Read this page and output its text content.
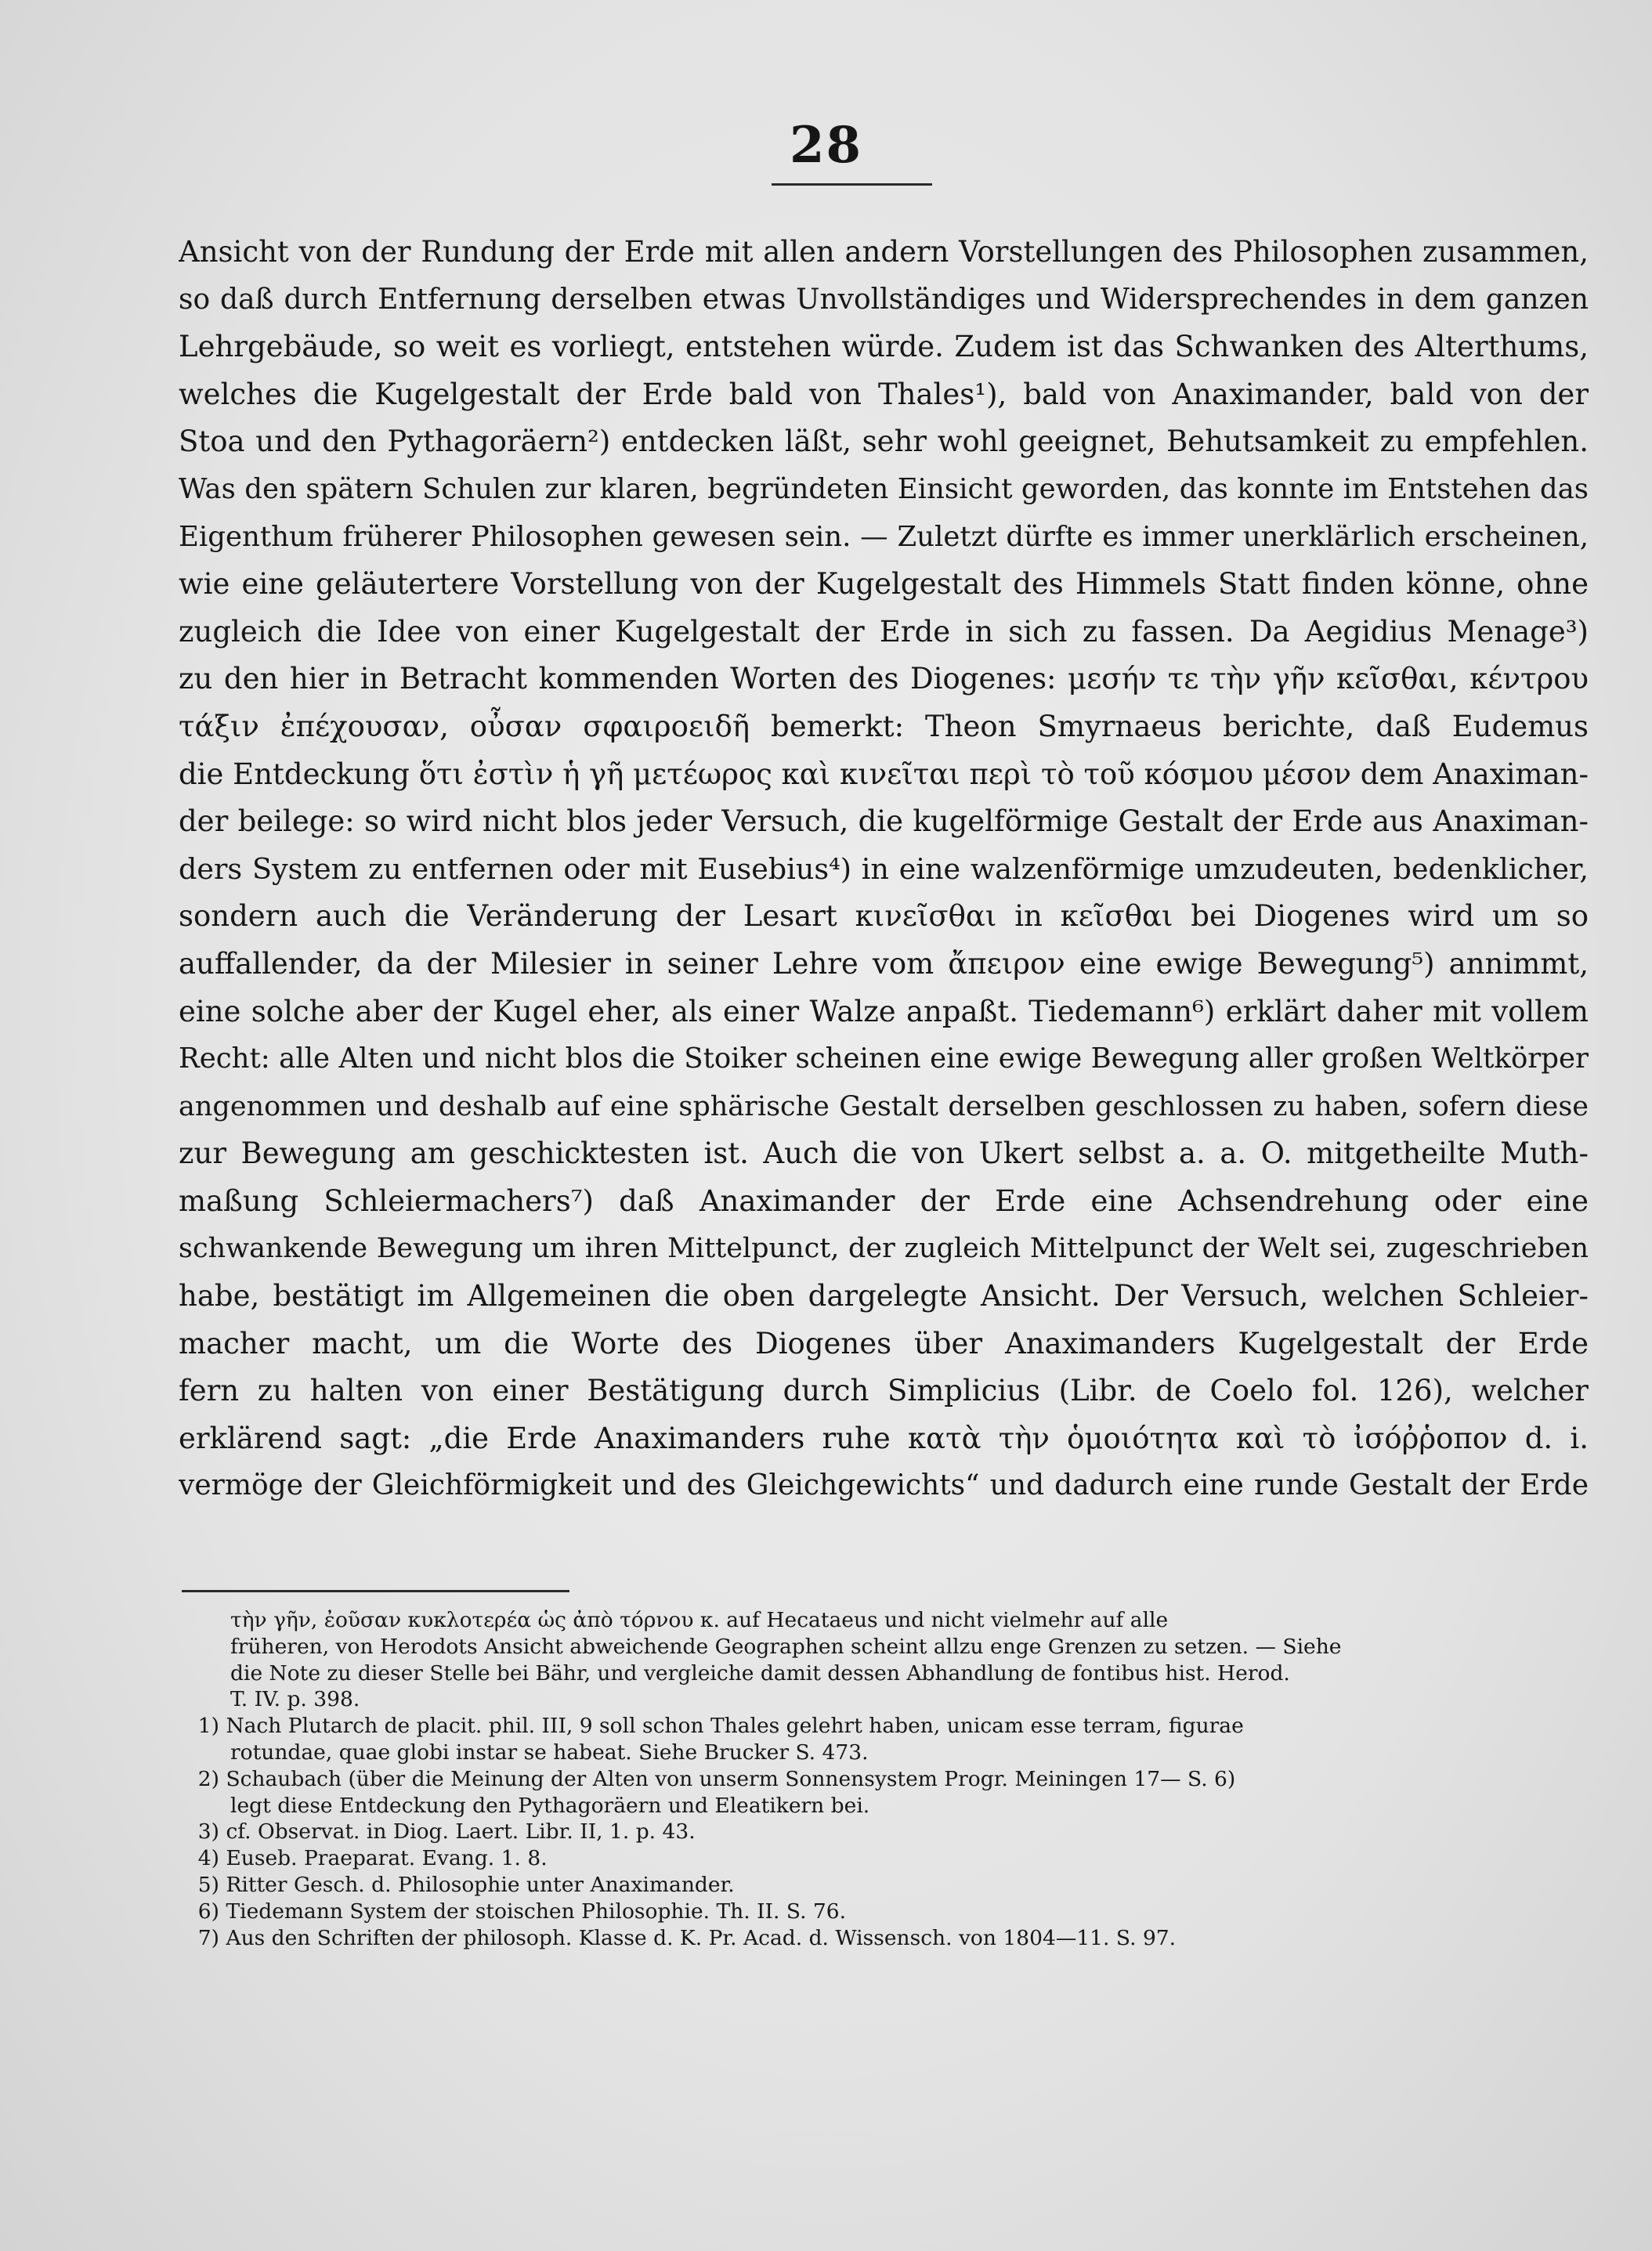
28
Ansicht von der Rundung der Erde mit allen andern Vorstellungen des Philosophen zusammen,
so daß durch Entfernung derselben etwas Unvollständiges und Widersprechendes in dem ganzen
Lehrgebäude, so weit es vorliegt, entstehen würde. Zudem ist das Schwanken des Alterthums,
welches die Kugelgestalt der Erde bald von Thales¹), bald von Anaximander, bald von der
Stoa und den Pythagoräern²) entdecken läßt, sehr wohl geeignet, Behutsamkeit zu empfehlen.
Was den spätern Schulen zur klaren, begründeten Einsicht geworden, das konnte im Entstehen das
Eigenthum früherer Philosophen gewesen sein. — Zuletzt dürfte es immer unerklärlich erscheinen,
wie eine geläutertere Vorstellung von der Kugelgestalt des Himmels Statt finden könne, ohne
zugleich die Idee von einer Kugelgestalt der Erde in sich zu fassen. Da Aegidius Menage³)
zu den hier in Betracht kommenden Worten des Diogenes: μεσήν τε τὴν γῆν κεῖσθαι, κέντρου
τάξιν ἐπέχουσαν, οὖσαν σφαιροειδῆ bemerkt: Theon Smyrnaeus berichte, daß Eudemus
die Entdeckung ὅτι ἐστὶν ἡ γῆ μετέωρος καὶ κινεῖται περὶ τὸ τοῦ κόσμου μέσον dem Anaximan-
der beilege: so wird nicht blos jeder Versuch, die kugelförmige Gestalt der Erde aus Anaximan-
ders System zu entfernen oder mit Eusebius⁴) in eine walzenförmige umzudeuten, bedenklicher,
sondern auch die Veränderung der Lesart κινεῖσθαι in κεῖσθαι bei Diogenes wird um so
auffallender, da der Milesier in seiner Lehre vom ἄπειρον eine ewige Bewegung⁵) annimmt,
eine solche aber der Kugel eher, als einer Walze anpaßt. Tiedemann⁶) erklärt daher mit vollem
Recht: alle Alten und nicht blos die Stoiker scheinen eine ewige Bewegung aller großen Weltkörper
angenommen und deshalb auf eine sphärische Gestalt derselben geschlossen zu haben, sofern diese
zur Bewegung am geschicktesten ist. Auch die von Ukert selbst a. a. O. mitgetheilte Muth-
maßung Schleiermachers⁷) daß Anaximander der Erde eine Achsendrehung oder eine
schwankende Bewegung um ihren Mittelpunct, der zugleich Mittelpunct der Welt sei, zugeschrieben
habe, bestätigt im Allgemeinen die oben dargelegte Ansicht. Der Versuch, welchen Schleier-
macher macht, um die Worte des Diogenes über Anaximanders Kugelgestalt der Erde
fern zu halten von einer Bestätigung durch Simplicius (Libr. de Coelo fol. 126), welcher
erklärend sagt: „die Erde Anaximanders ruhe κατὰ τὴν ὁμοιότητα καὶ τὸ ἰσόῤῥοπον d. i.
vermöge der Gleichförmigkeit und des Gleichgewichts“ und dadurch eine runde Gestalt der Erde
τὴν γῆν, ἐοῦσαν κυκλοτερέα ὡς ἀπὸ τόρνου κ. auf Hecataeus und nicht vielmehr auf alle
früheren, von Herodots Ansicht abweichende Geographen scheint allzu enge Grenzen zu setzen. — Siehe
die Note zu dieser Stelle bei Bähr, und vergleiche damit dessen Abhandlung de fontibus hist. Herod.
T. IV. p. 398.
1) Nach Plutarch de placit. phil. III, 9 soll schon Thales gelehrt haben, unicam esse terram, figurae
rotundae, quae globi instar se habeat. Siehe Brucker S. 473.
2) Schaubach (über die Meinung der Alten von unserm Sonnensystem Progr. Meiningen 17— S. 6)
legt diese Entdeckung den Pythagoräern und Eleatikern bei.
3) cf. Observat. in Diog. Laert. Libr. II, 1. p. 43.
4) Euseb. Praeparat. Evang. 1. 8.
5) Ritter Gesch. d. Philosophie unter Anaximander.
6) Tiedemann System der stoischen Philosophie. Th. II. S. 76.
7) Aus den Schriften der philosoph. Klasse d. K. Pr. Acad. d. Wissensch. von 1804—11. S. 97.
